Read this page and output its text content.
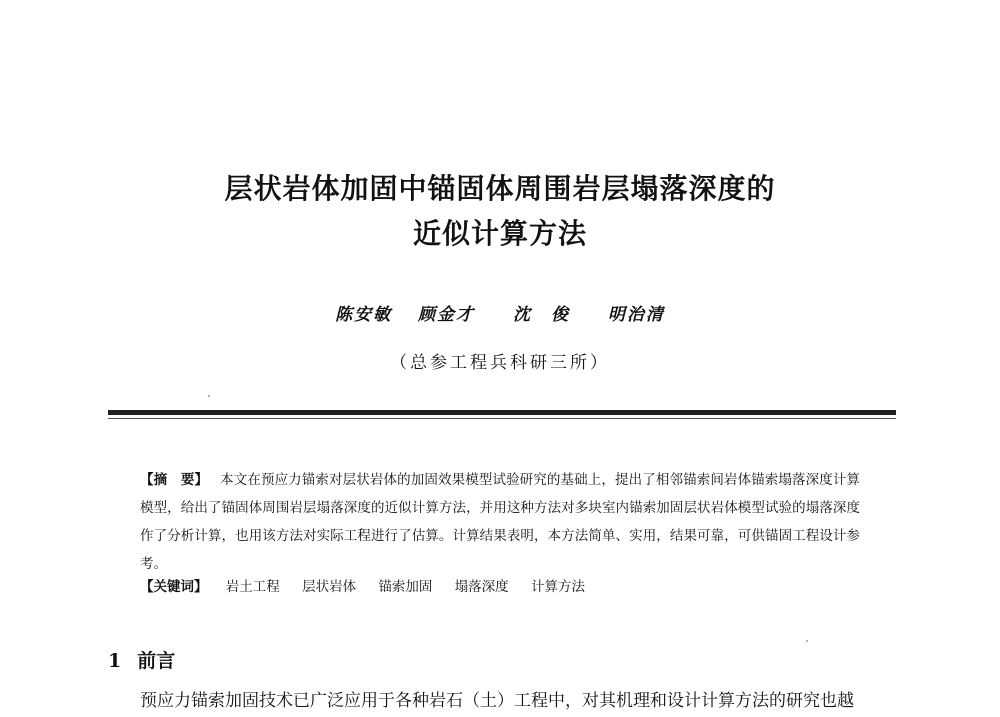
层状岩体加固中锚固体周围岩层塌落深度的
近似计算方法
陈安敏 顾金才 沈　俊 明治清
（总参工程兵科研三所）
【摘　要】 本文在预应力锚索对层状岩体的加固效果模型试验研究的基础上，提出了相邻锚索间岩体锚索塌落深度计算模型，给出了锚固体周围岩层塌落深度的近似计算方法，并用这种方法对多块室内锚索加固层状岩体模型试验的塌落深度作了分析计算，也用该方法对实际工程进行了估算。计算结果表明，本方法简单、实用，结果可靠，可供锚固工程设计参考。
【关键词】 岩土工程 层状岩体 锚索加固 塌落深度 计算方法
1 前言
预应力锚索加固技术已广泛应用于各种岩石（土）工程中，对其机理和设计计算方法的研究也越
